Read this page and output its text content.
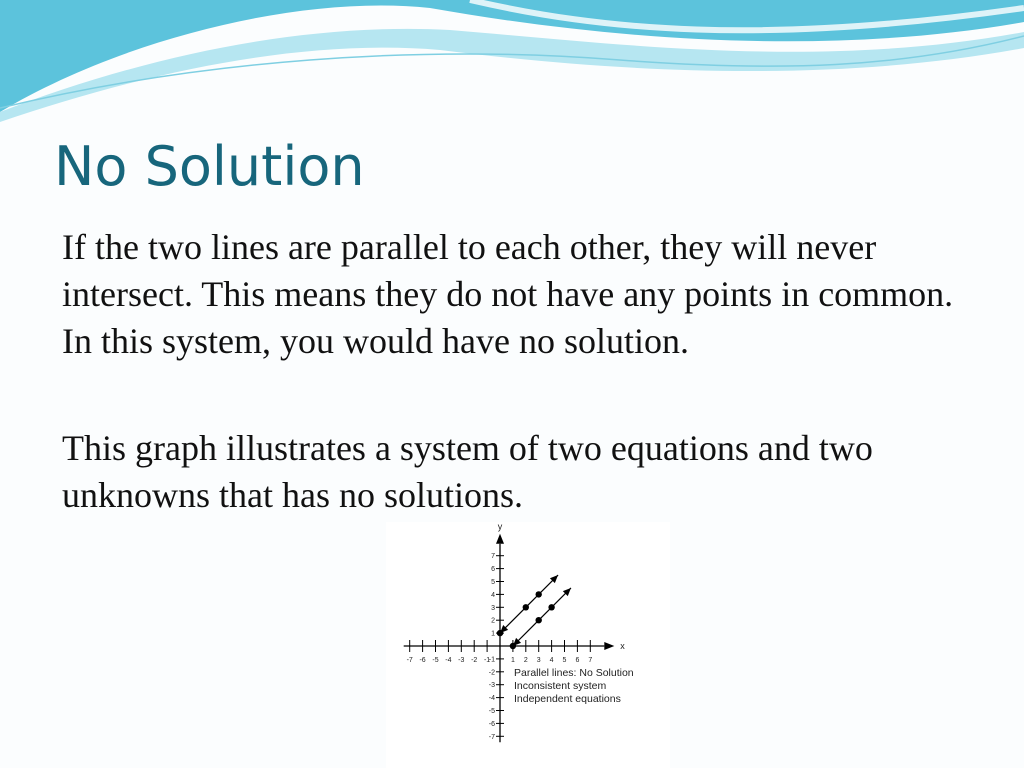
No Solution

If the two lines are parallel to each other, they will never intersect. This means they do not have any points in common. In this system, you would have no solution.

This graph illustrates a system of two equations and two unknowns that has no solutions.

-7 -6 -5 -4 -3 -2 -1	1 2 3 4 5 6 7
7
6
5
4
3
2
1
-1
-2
-3
-4
-5
-6
-7
x
y
Parallel lines: No Solution
Inconsistent system
Independent equations
